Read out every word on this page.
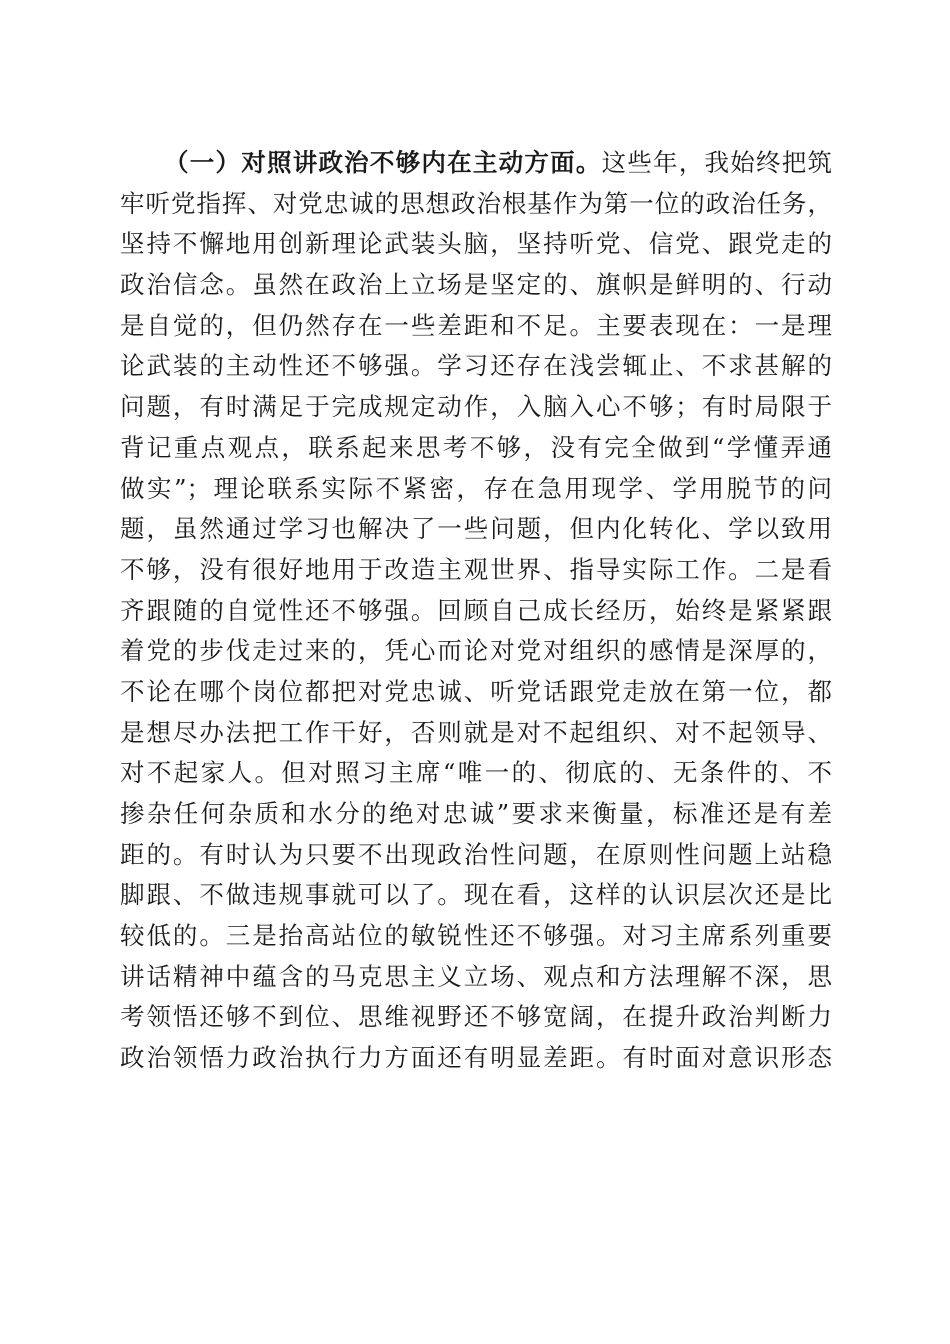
（一）对照讲政治不够内在主动方面。这些年，我始终把筑
牢听党指挥、对党忠诚的思想政治根基作为第一位的政治任务，
坚持不懈地用创新理论武装头脑，坚持听党、信党、跟党走的
政治信念。虽然在政治上立场是坚定的、旗帜是鲜明的、行动
是自觉的，但仍然存在一些差距和不足。主要表现在：一是理
论武装的主动性还不够强。学习还存在浅尝辄止、不求甚解的
问题，有时满足于完成规定动作，入脑入心不够；有时局限于
背记重点观点，联系起来思考不够，没有完全做到“学懂弄通
做实”；理论联系实际不紧密，存在急用现学、学用脱节的问
题，虽然通过学习也解决了一些问题，但内化转化、学以致用
不够，没有很好地用于改造主观世界、指导实际工作。二是看
齐跟随的自觉性还不够强。回顾自己成长经历，始终是紧紧跟
着党的步伐走过来的，凭心而论对党对组织的感情是深厚的，
不论在哪个岗位都把对党忠诚、听党话跟党走放在第一位，都
是想尽办法把工作干好，否则就是对不起组织、对不起领导、
对不起家人。但对照习主席“唯一的、彻底的、无条件的、不
掺杂任何杂质和水分的绝对忠诚”要求来衡量，标准还是有差
距的。有时认为只要不出现政治性问题，在原则性问题上站稳
脚跟、不做违规事就可以了。现在看，这样的认识层次还是比
较低的。三是抬高站位的敏锐性还不够强。对习主席系列重要
讲话精神中蕴含的马克思主义立场、观点和方法理解不深，思
考领悟还够不到位、思维视野还不够宽阔，在提升政治判断力
政治领悟力政治执行力方面还有明显差距。有时面对意识形态
